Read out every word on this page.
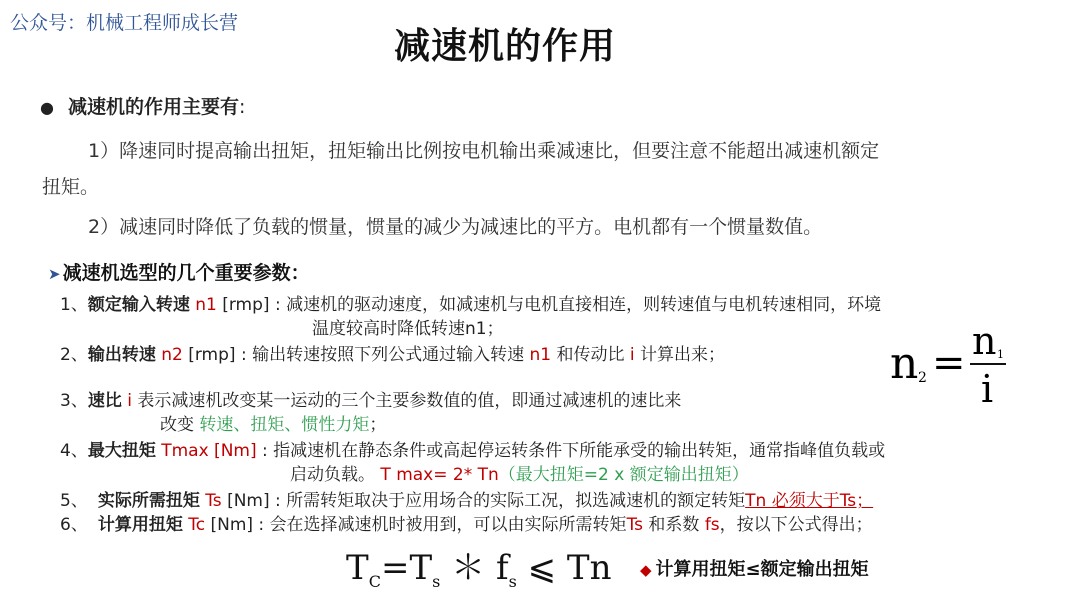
公众号：机械工程师成长营
减速机的作用
● 减速机的作用主要有:
1）降速同时提高输出扭矩，扭矩输出比例按电机输出乘减速比，但要注意不能超出减速机额定
扭矩。
2）减速同时降低了负载的惯量，惯量的减少为减速比的平方。电机都有一个惯量数值。
➤ 减速机选型的几个重要参数：
1、额定输入转速 n1 [rmp] : 减速机的驱动速度，如减速机与电机直接相连，则转速值与电机转速相同，环境
温度较高时降低转速n1；
2、输出转速 n2 [rmp] : 输出转速按照下列公式通过输入转速 n1 和传动比 i 计算出来；	n 2 = n 1
i
3、速比 i 表示减速机改变某一运动的三个主要参数值的值，即通过减速机的速比来
改变 转速、扭矩、惯性力矩；
4、最大扭矩 Tmax [Nm] : 指减速机在静态条件或高起停运转条件下所能承受的输出转矩，通常指峰值负载或
启动负载。 T max= 2* Tn（最大扭矩=2 x 额定输出扭矩）
5、 实际所需扭矩 Ts [Nm] : 所需转矩取决于应用场合的实际工况，拟选减速机的额定转矩Tn 必须大于Ts；
6、 计算用扭矩 Tc [Nm] : 会在选择减速机时被用到，可以由实际所需转矩Ts 和系数 fs，按以下公式得出；
$T_C=T_s$ ＊ $f_s$ ⩽ Tn ◆ 计算用扭矩≤额定输出扭矩
